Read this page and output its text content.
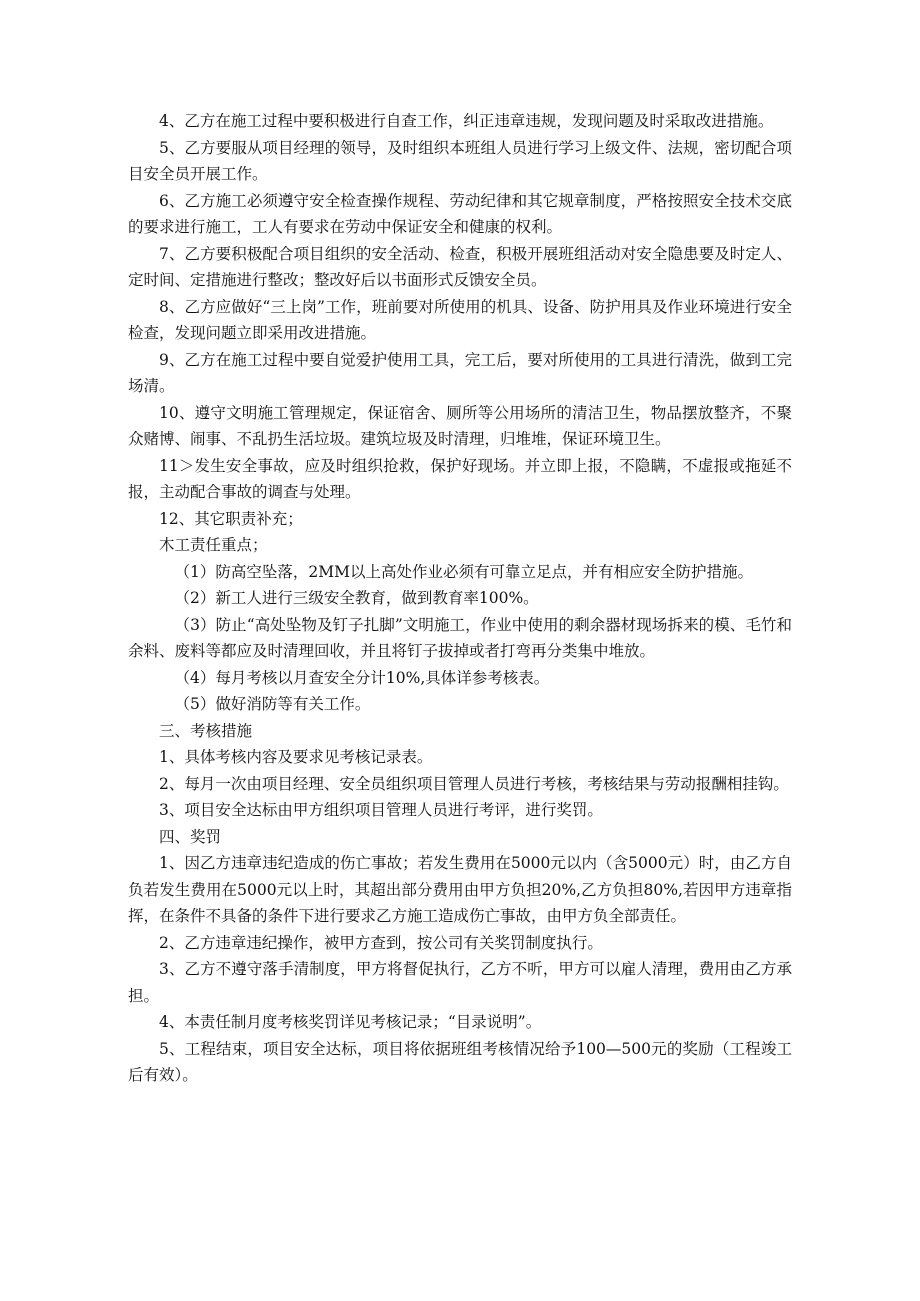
4、乙方在施工过程中要积极进行自查工作，纠正违章违规，发现问题及时采取改进措施。

5、乙方要服从项目经理的领导，及时组织本班组人员进行学习上级文件、法规，密切配合项目安全员开展工作。

6、乙方施工必须遵守安全检查操作规程、劳动纪律和其它规章制度，严格按照安全技术交底的要求进行施工，工人有要求在劳动中保证安全和健康的权利。

7、乙方要积极配合项目组织的安全活动、检查，积极开展班组活动对安全隐患要及时定人、定时间、定措施进行整改；整改好后以书面形式反馈安全员。

8、乙方应做好“三上岗”工作，班前要对所使用的机具、设备、防护用具及作业环境进行安全检查，发现问题立即采用改进措施。

9、乙方在施工过程中要自觉爱护使用工具，完工后，要对所使用的工具进行清洗，做到工完场清。

10、遵守文明施工管理规定，保证宿舍、厕所等公用场所的清洁卫生，物品摆放整齐，不聚众赌博、闹事、不乱扔生活垃圾。建筑垃圾及时清理，归堆堆，保证环境卫生。

11＞发生安全事故，应及时组织抢救，保护好现场。并立即上报，不隐瞒，不虚报或拖延不报，主动配合事故的调查与处理。

12、其它职责补充；

木工责任重点；

（1）防高空坠落，2MM以上高处作业必须有可靠立足点，并有相应安全防护措施。

（2）新工人进行三级安全教育，做到教育率100%。

（3）防止“高处坠物及钉子扎脚”文明施工，作业中使用的剩余器材现场拆来的模、毛竹和余料、废料等都应及时清理回收，并且将钉子拔掉或者打弯再分类集中堆放。

（4）每月考核以月查安全分计10%,具体详参考核表。

（5）做好消防等有关工作。

三、考核措施

1、具体考核内容及要求见考核记录表。

2、每月一次由项目经理、安全员组织项目管理人员进行考核，考核结果与劳动报酬相挂钩。

3、项目安全达标由甲方组织项目管理人员进行考评，进行奖罚。

四、奖罚

1、因乙方违章违纪造成的伤亡事故；若发生费用在5000元以内（含5000元）时，由乙方自负若发生费用在5000元以上时，其超出部分费用由甲方负担20%,乙方负担80%,若因甲方违章指挥，在条件不具备的条件下进行要求乙方施工造成伤亡事故，由甲方负全部责任。

2、乙方违章违纪操作，被甲方查到，按公司有关奖罚制度执行。

3、乙方不遵守落手清制度，甲方将督促执行，乙方不听，甲方可以雇人清理，费用由乙方承担。

4、本责任制月度考核奖罚详见考核记录；“目录说明”。

5、工程结束，项目安全达标，项目将依据班组考核情况给予100—500元的奖励（工程竣工后有效）。
